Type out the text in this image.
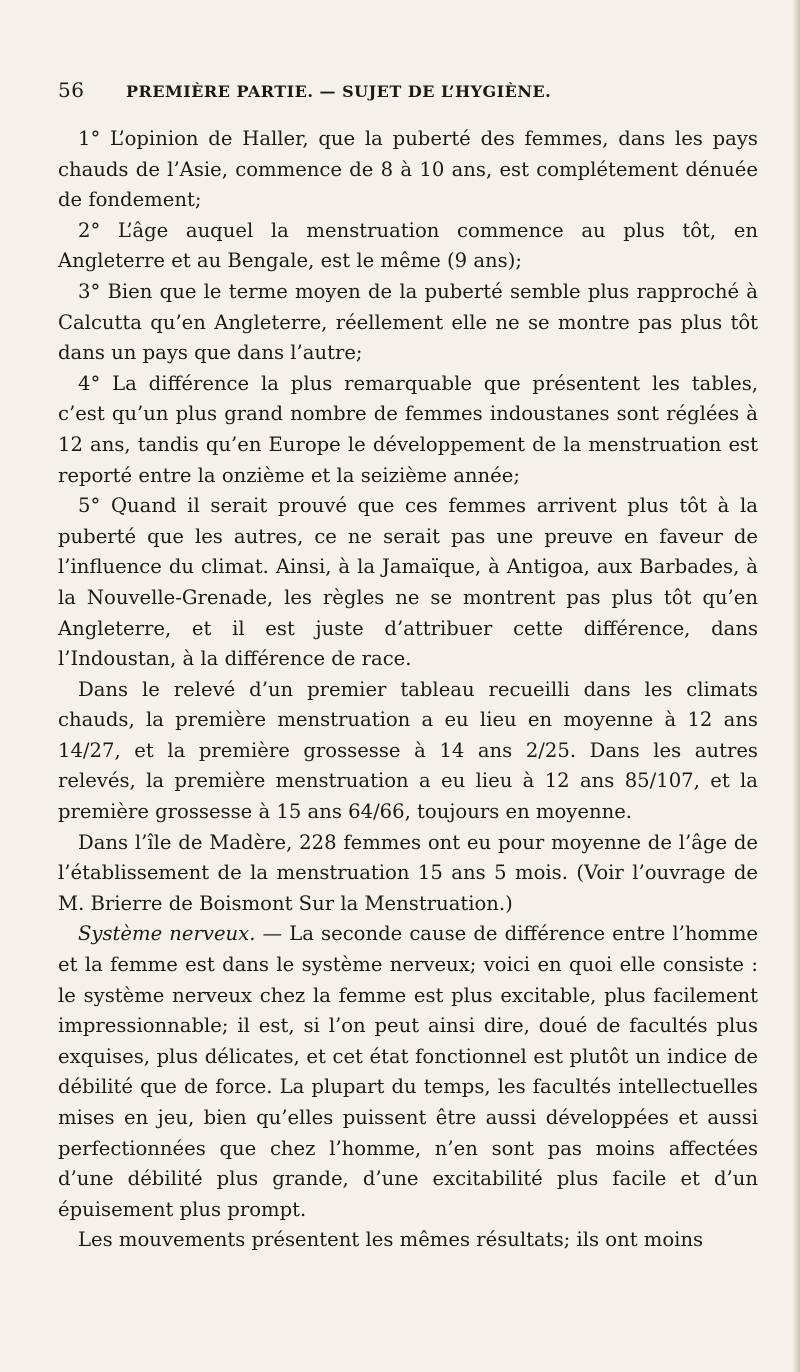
56	PREMIÈRE PARTIE. — SUJET DE L’HYGIÈNE.

1° L’opinion de Haller, que la puberté des femmes, dans les pays chauds de l’Asie, commence de 8 à 10 ans, est complétement dénuée de fondement;

2° L’âge auquel la menstruation commence au plus tôt, en Angleterre et au Bengale, est le même (9 ans);

3° Bien que le terme moyen de la puberté semble plus rapproché à Calcutta qu’en Angleterre, réellement elle ne se montre pas plus tôt dans un pays que dans l’autre;

4° La différence la plus remarquable que présentent les tables, c’est qu’un plus grand nombre de femmes indoustanes sont réglées à 12 ans, tandis qu’en Europe le développement de la menstruation est reporté entre la onzième et la seizième année;

5° Quand il serait prouvé que ces femmes arrivent plus tôt à la puberté que les autres, ce ne serait pas une preuve en faveur de l’influence du climat. Ainsi, à la Jamaïque, à Antigoa, aux Barbades, à la Nouvelle-Grenade, les règles ne se montrent pas plus tôt qu’en Angleterre, et il est juste d’attribuer cette différence, dans l’Indoustan, à la différence de race.

Dans le relevé d’un premier tableau recueilli dans les climats chauds, la première menstruation a eu lieu en moyenne à 12 ans 14/27, et la première grossesse à 14 ans 2/25. Dans les autres relevés, la première menstruation a eu lieu à 12 ans 85/107, et la première grossesse à 15 ans 64/66, toujours en moyenne.

Dans l’île de Madère, 228 femmes ont eu pour moyenne de l’âge de l’établissement de la menstruation 15 ans 5 mois. (Voir l’ouvrage de M. Brierre de Boismont Sur la Menstruation.)

Système nerveux. — La seconde cause de différence entre l’homme et la femme est dans le système nerveux; voici en quoi elle consiste : le système nerveux chez la femme est plus excitable, plus facilement impressionnable; il est, si l’on peut ainsi dire, doué de facultés plus exquises, plus délicates, et cet état fonctionnel est plutôt un indice de débilité que de force. La plupart du temps, les facultés intellectuelles mises en jeu, bien qu’elles puissent être aussi développées et aussi perfectionnées que chez l’homme, n’en sont pas moins affectées d’une débilité plus grande, d’une excitabilité plus facile et d’un épuisement plus prompt.

Les mouvements présentent les mêmes résultats; ils ont moins
